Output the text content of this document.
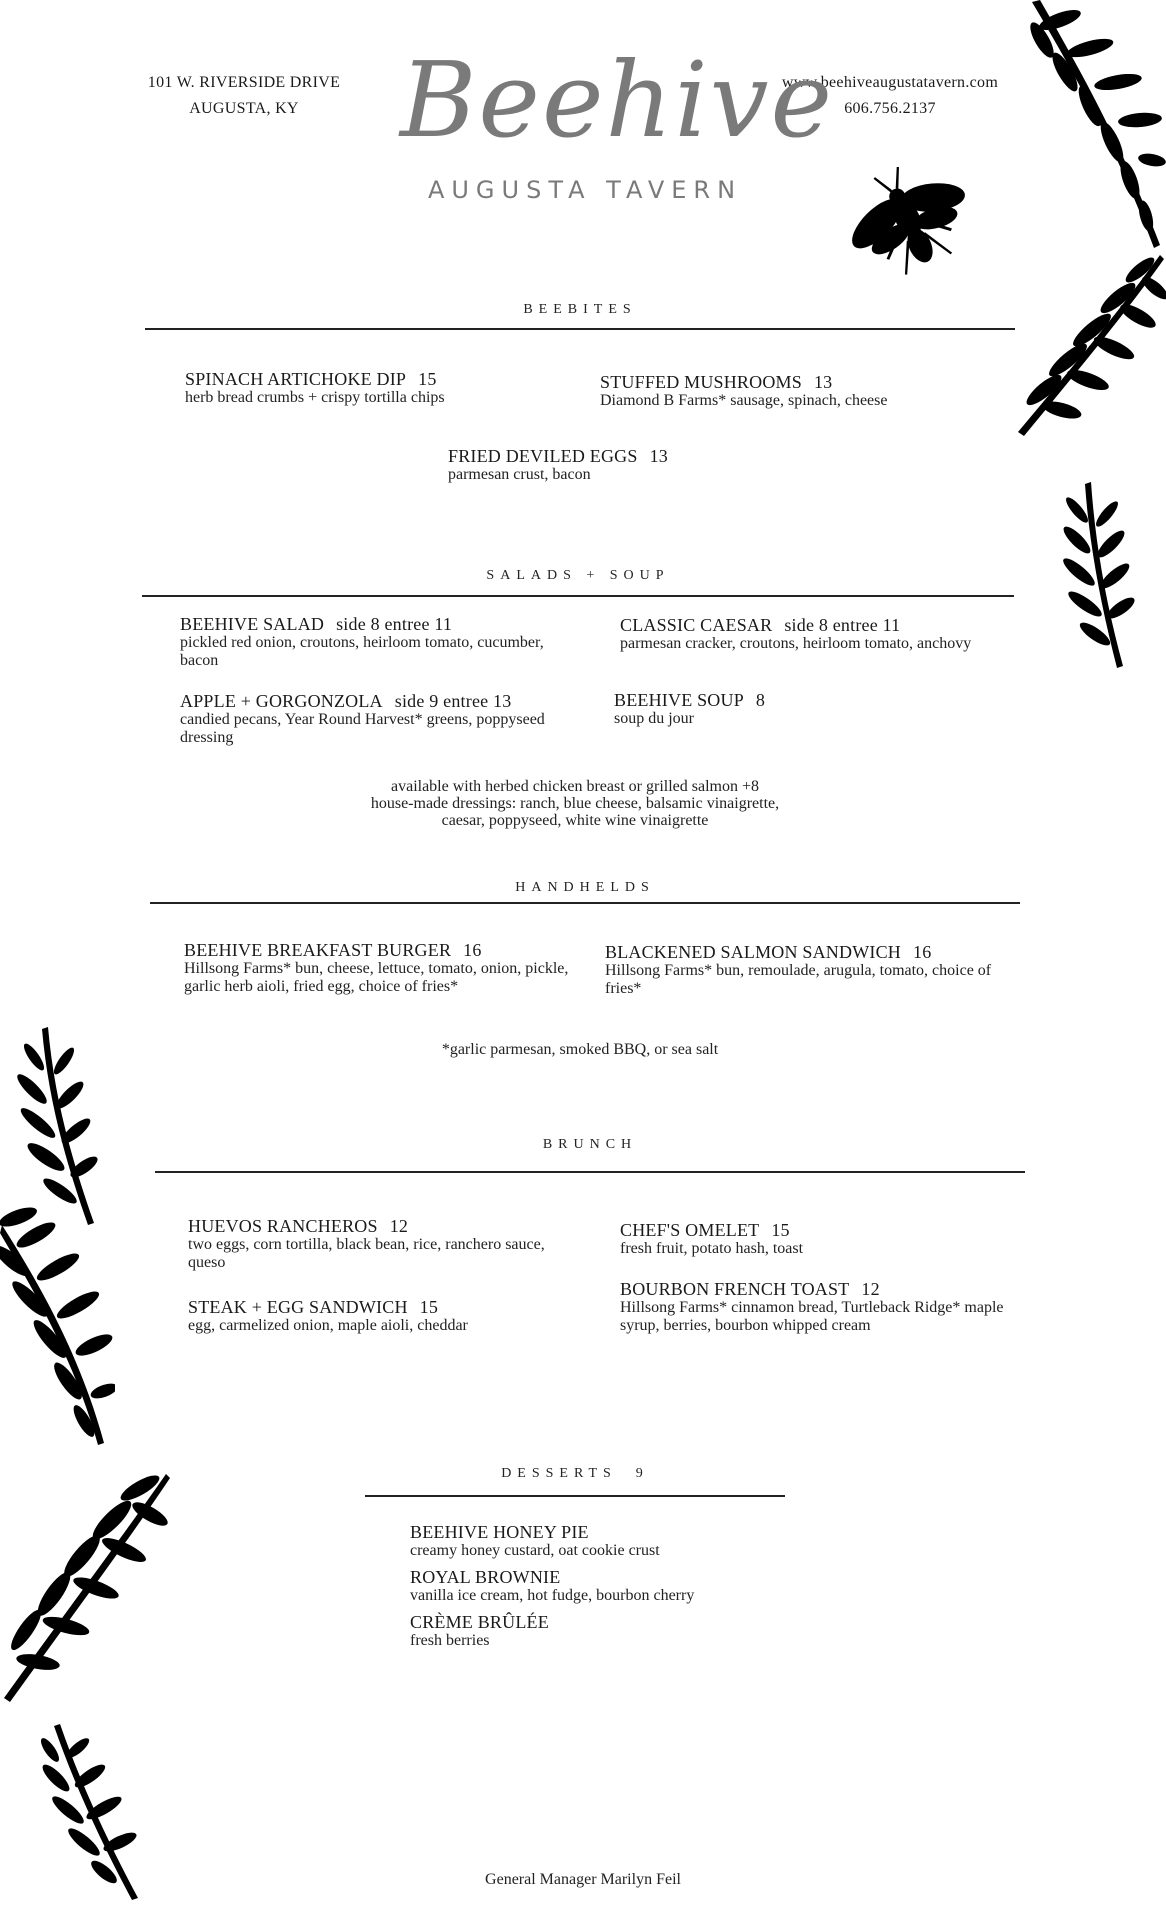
101 W. RIVERSIDE DRIVE
AUGUSTA, KY
www.beehiveaugustatavern.com
606.756.2137
Beehive
AUGUSTA TAVERN
BEEBITES
SPINACH ARTICHOKE DIP 15
herb bread crumbs + crispy tortilla chips
STUFFED MUSHROOMS 13
Diamond B Farms* sausage, spinach, cheese
FRIED DEVILED EGGS 13
parmesan crust, bacon
SALADS + SOUP
BEEHIVE SALAD side 8 entree 11
pickled red onion, croutons, heirloom tomato, cucumber, bacon
CLASSIC CAESAR side 8 entree 11
parmesan cracker, croutons, heirloom tomato, anchovy
APPLE + GORGONZOLA side 9 entree 13
candied pecans, Year Round Harvest* greens, poppyseed dressing
BEEHIVE SOUP 8
soup du jour
available with herbed chicken breast or grilled salmon +8
house-made dressings: ranch, blue cheese, balsamic vinaigrette,
caesar, poppyseed, white wine vinaigrette
HANDHELDS
BEEHIVE BREAKFAST BURGER 16
Hillsong Farms* bun, cheese, lettuce, tomato, onion, pickle, garlic herb aioli, fried egg, choice of fries*
BLACKENED SALMON SANDWICH 16
Hillsong Farms* bun, remoulade, arugula, tomato, choice of fries*
*garlic parmesan, smoked BBQ, or sea salt
BRUNCH
HUEVOS RANCHEROS 12
two eggs, corn tortilla, black bean, rice, ranchero sauce, queso
CHEF'S OMELET 15
fresh fruit, potato hash, toast
STEAK + EGG SANDWICH 15
egg, carmelized onion, maple aioli, cheddar
BOURBON FRENCH TOAST 12
Hillsong Farms* cinnamon bread, Turtleback Ridge* maple syrup, berries, bourbon whipped cream
DESSERTS  9
BEEHIVE HONEY PIE
creamy honey custard, oat cookie crust
ROYAL BROWNIE
vanilla ice cream, hot fudge, bourbon cherry
CRÈME BRÛLÉE
fresh berries
General Manager Marilyn Feil
